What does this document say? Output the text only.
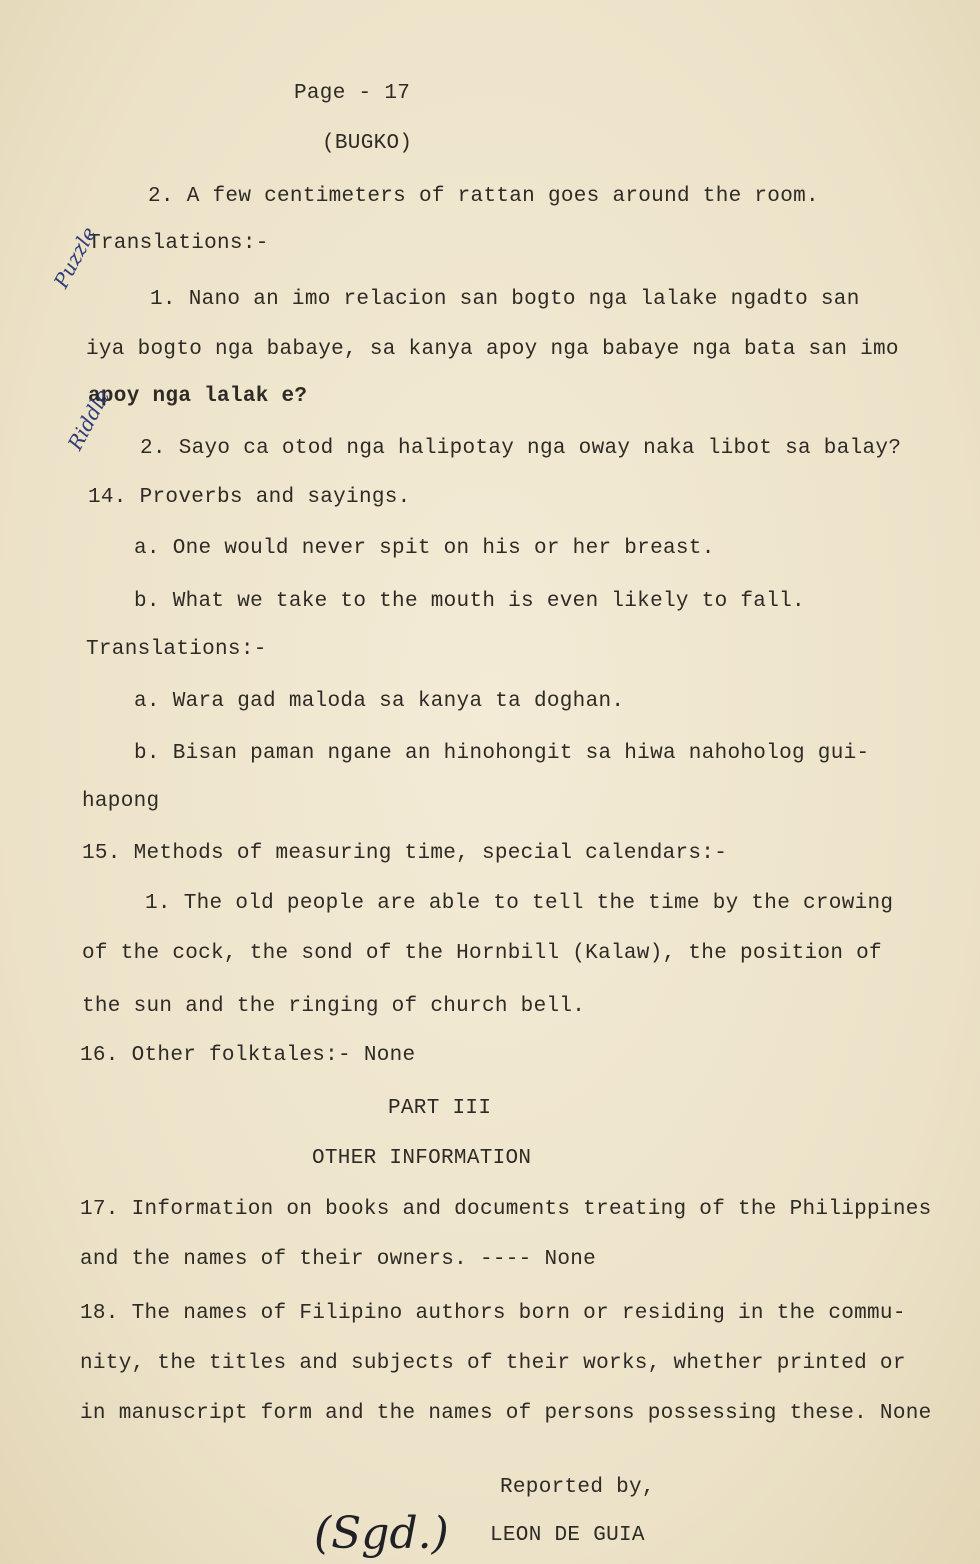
Page - 17
(BUGKO)
2. A few centimeters of rattan goes around the room.
Translations:-
Puzzle
1. Nano an imo relacion san bogto nga lalake ngadto san
iya bogto nga babaye, sa kanya apoy nga babaye nga bata san imo
apoy nga lalak e?
Riddle 2. Sayo ca otod nga halipotay nga oway naka libot sa balay?
14. Proverbs and sayings.
a. One would never spit on his or her breast.
b. What we take to the mouth is even likely to fall.
Translations:-
a. Wara gad maloda sa kanya ta doghan.
b. Bisan paman ngane an hinohongit sa hiwa nahoholog gui-
hapong
15. Methods of measuring time, special calendars:-
1. The old people are able to tell the time by the crowing
of the cock, the sond of the Hornbill (Kalaw), the position of
the sun and the ringing of church bell.
16. Other folktales:- None
PART III
OTHER INFORMATION
17. Information on books and documents treating of the Philippines
and the names of their owners. ---- None
18. The names of Filipino authors born or residing in the commu-
nity, the titles and subjects of their works, whether printed or
in manuscript form and the names of persons possessing these. None
Reported by,
(Sgd.) LEON DE GUIA
